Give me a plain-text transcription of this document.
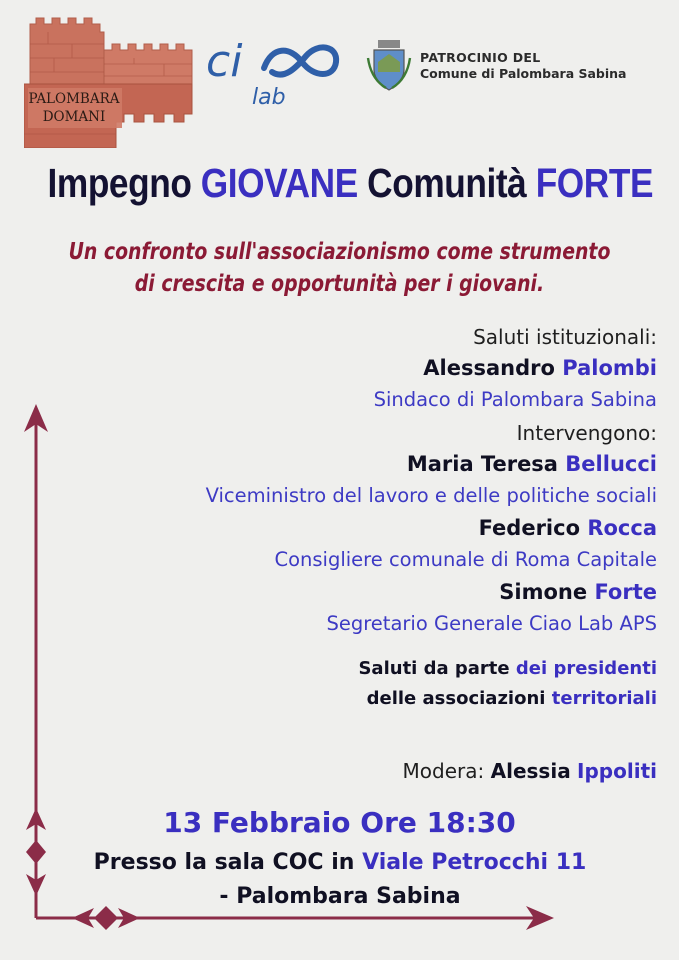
PALOMBARA
DOMANI
ci
lab
PATROCINIO DEL
Comune di Palombara Sabina
Impegno GIOVANE Comunità FORTE
Un confronto sull'associazionismo come strumento
di crescita e opportunità per i giovani.
Saluti istituzionali:
Alessandro Palombi
Sindaco di Palombara Sabina
Intervengono:
Maria Teresa Bellucci
Viceministro del lavoro e delle politiche sociali
Federico Rocca
Consigliere comunale di Roma Capitale
Simone Forte
Segretario Generale Ciao Lab APS
Saluti da parte dei presidenti
delle associazioni territoriali
Modera: Alessia Ippoliti
13 Febbraio Ore 18:30
Presso la sala COC in Viale Petrocchi 11
- Palombara Sabina
